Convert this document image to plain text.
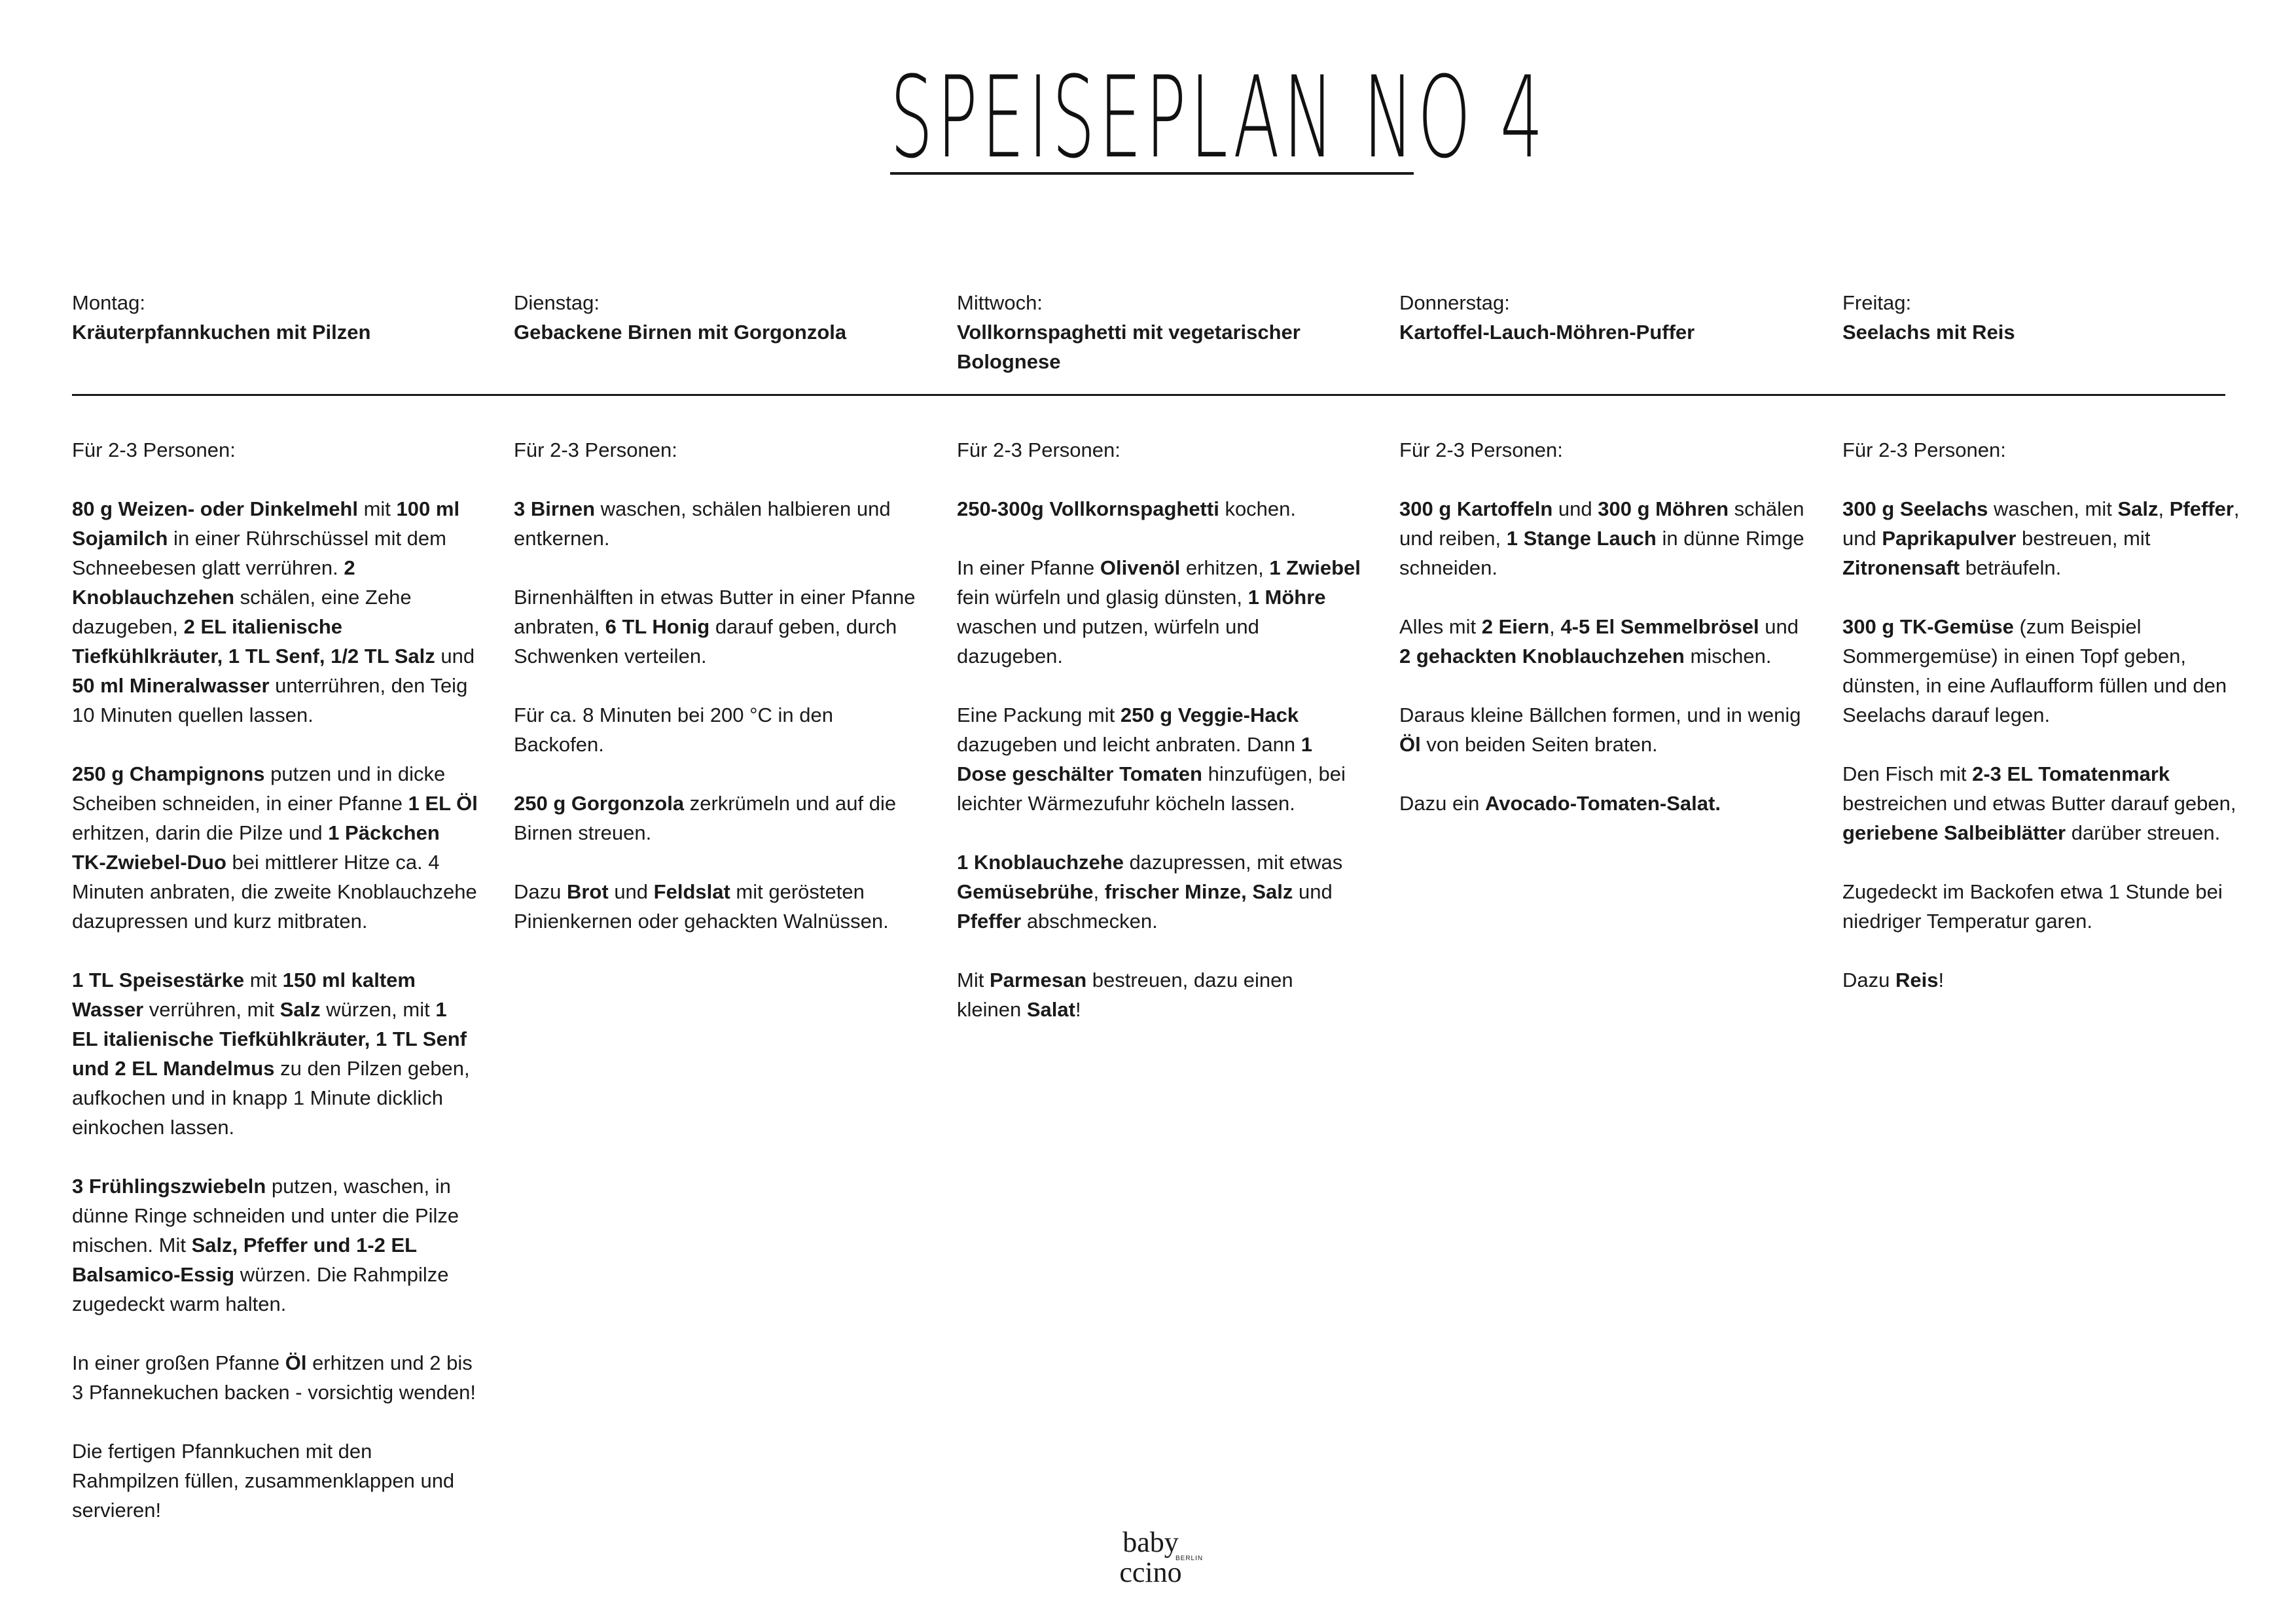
SPEISEPLAN NO 4
Montag:
Kräuterpfannkuchen mit Pilzen

Für 2-3 Personen:

80 g Weizen- oder Dinkelmehl mit 100 ml Sojamilch in einer Rührschüssel mit dem Schneebesen glatt verrühren. 2 Knoblauchzehen schälen, eine Zehe dazugeben, 2 EL italienische Tiefkühlkräuter, 1 TL Senf, 1/2 TL Salz und 50 ml Mineralwasser unterrühren, den Teig 10 Minuten quellen lassen.

250 g Champignons putzen und in dicke Scheiben schneiden, in einer Pfanne 1 EL Öl erhitzen, darin die Pilze und 1 Päckchen TK-Zwiebel-Duo bei mittlerer Hitze ca. 4 Minuten anbraten, die zweite Knoblauchzehe dazupressen und kurz mitbraten.

1 TL Speisestärke mit 150 ml kaltem Wasser verrühren, mit Salz würzen, mit 1 EL italienische Tiefkühlkräuter, 1 TL Senf und 2 EL Mandelmus zu den Pilzen geben, aufkochen und in knapp 1 Minute dicklich einkochen lassen.

3 Frühlingszwiebeln putzen, waschen, in dünne Ringe schneiden und unter die Pilze mischen. Mit Salz, Pfeffer und 1-2 EL Balsamico-Essig würzen. Die Rahmpilze zugedeckt warm halten.

In einer großen Pfanne Öl erhitzen und 2 bis 3 Pfannekuchen backen - vorsichtig wenden!

Die fertigen Pfannkuchen mit den Rahmpilzen füllen, zusammenklappen und servieren!

Dienstag:
Gebackene Birnen mit Gorgonzola

Für 2-3 Personen:

3 Birnen waschen, schälen halbieren und entkernen.

Birnenhälften in etwas Butter in einer Pfanne anbraten, 6 TL Honig darauf geben, durch Schwenken verteilen.

Für ca. 8 Minuten bei 200 °C in den Backofen.

250 g Gorgonzola zerkrümeln und auf die Birnen streuen.

Dazu Brot und Feldslat mit gerösteten Pinienkernen oder gehackten Walnüssen.

Mittwoch:
Vollkornspaghetti mit vegetarischer Bolognese

Für 2-3 Personen:

250-300g Vollkornspaghetti kochen.

In einer Pfanne Olivenöl erhitzen, 1 Zwiebel fein würfeln und glasig dünsten, 1 Möhre waschen und putzen, würfeln und dazugeben.

Eine Packung mit 250 g Veggie-Hack dazugeben und leicht anbraten. Dann 1 Dose geschälter Tomaten hinzufügen, bei leichter Wärmezufuhr köcheln lassen.

1 Knoblauchzehe dazupressen, mit etwas Gemüsebrühe, frischer Minze, Salz und Pfeffer abschmecken.

Mit Parmesan bestreuen, dazu einen kleinen Salat!

Donnerstag:
Kartoffel-Lauch-Möhren-Puffer

Für 2-3 Personen:

300 g Kartoffeln und 300 g Möhren schälen und reiben, 1 Stange Lauch in dünne Rimge schneiden.

Alles mit 2 Eiern, 4-5 El Semmelbrösel und 2 gehackten Knoblauchzehen mischen.

Daraus kleine Bällchen formen, und in wenig Öl von beiden Seiten braten.

Dazu ein Avocado-Tomaten-Salat.

Freitag:
Seelachs mit Reis

Für 2-3 Personen:

300 g Seelachs waschen, mit Salz, Pfeffer, und Paprikapulver bestreuen, mit Zitronensaft beträufeln.

300 g TK-Gemüse (zum Beispiel Sommergemüse) in einen Topf geben, dünsten, in eine Auflaufform füllen und den Seelachs darauf legen.

Den Fisch mit 2-3 EL Tomatenmark bestreichen und etwas Butter darauf geben, geriebene Salbeiblätter darüber streuen.

Zugedeckt im Backofen etwa 1 Stunde bei niedriger Temperatur garen.

Dazu Reis!

baby
ccino
BERLIN
